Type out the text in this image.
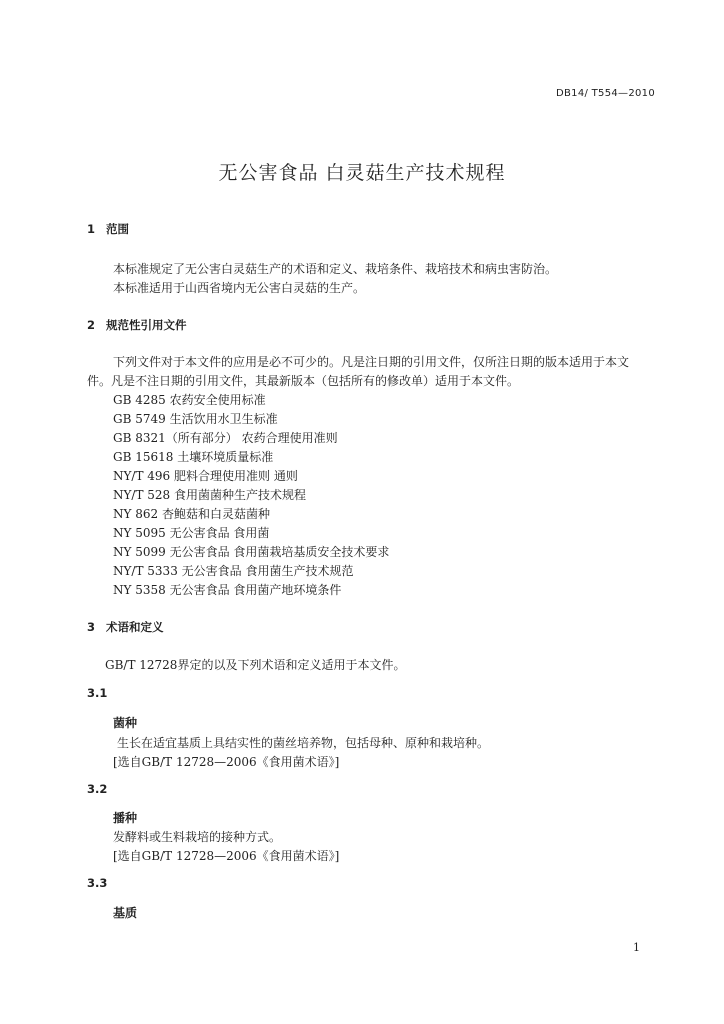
DB14/ T554—2010
无公害食品 白灵菇生产技术规程
1 范围
本标准规定了无公害白灵菇生产的术语和定义、栽培条件、栽培技术和病虫害防治。
本标准适用于山西省境内无公害白灵菇的生产。
2 规范性引用文件
下列文件对于本文件的应用是必不可少的。凡是注日期的引用文件，仅所注日期的版本适用于本文
件。凡是不注日期的引用文件，其最新版本（包括所有的修改单）适用于本文件。
GB 4285 农药安全使用标准
GB 5749 生活饮用水卫生标准
GB 8321（所有部分） 农药合理使用准则
GB 15618 土壤环境质量标准
NY/T 496 肥料合理使用准则 通则
NY/T 528 食用菌菌种生产技术规程
NY 862 杏鲍菇和白灵菇菌种
NY 5095 无公害食品 食用菌
NY 5099 无公害食品 食用菌栽培基质安全技术要求
NY/T 5333 无公害食品 食用菌生产技术规范
NY 5358 无公害食品 食用菌产地环境条件
3 术语和定义
GB/T 12728界定的以及下列术语和定义适用于本文件。
3.1
菌种
生长在适宜基质上具结实性的菌丝培养物，包括母种、原种和栽培种。
[选自GB/T 12728—2006《食用菌术语》]
3.2
播种
发酵料或生料栽培的接种方式。
[选自GB/T 12728—2006《食用菌术语》]
3.3
基质
1
